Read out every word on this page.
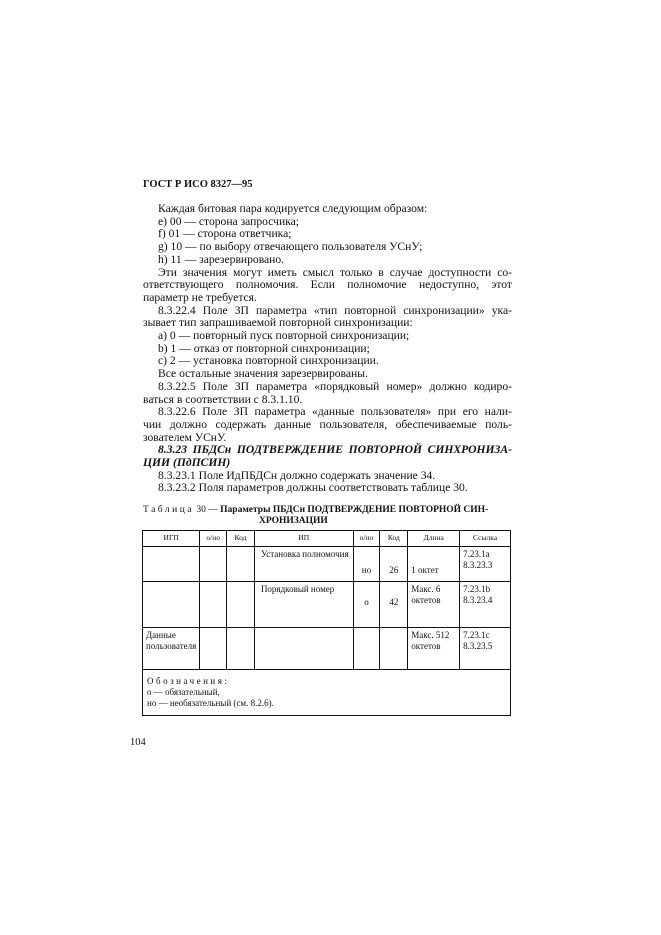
ГОСТ Р ИСО 8327—95
Каждая битовая пара кодируется следующим образом:
e) 00 — сторона запросчика;
f) 01 — сторона ответчика;
g) 10 — по выбору отвечающего пользователя УСнУ;
h) 11 — зарезервировано.
Эти значения могут иметь смысл только в случае доступности со-
ответствующего полномочия. Если полномочие недоступно, этот
параметр не требуется.
8.3.22.4 Поле ЗП параметра «тип повторной синхронизации» ука-
зывает тип запрашиваемой повторной синхронизации:
a) 0 — повторный пуск повторной синхронизации;
b) 1 — отказ от повторной синхронизации;
c) 2 — установка повторной синхронизации.
Все остальные значения зарезервированы.
8.3.22.5 Поле ЗП параметра «порядковый номер» должно кодиро-
ваться в соответствии с 8.3.1.10.
8.3.22.6 Поле ЗП параметра «данные пользователя» при его нали-
чии должно содержать данные пользователя, обеспечиваемые поль-
зователем УСнУ.
8.3.23 ПБДСн ПОДТВЕРЖДЕНИЕ ПОВТОРНОЙ СИНХРОНИЗА-
ЦИИ (ПдПСИН)
8.3.23.1 Поле ИдПБДСн должно содержать значение 34.
8.3.23.2 Поля параметров должны соответствовать таблице 30.
Таблица 30 — Параметры ПБДСн ПОДТВЕРЖДЕНИЕ ПОВТОРНОЙ СИН-
ХРОНИЗАЦИИ
ИГП	о/но	Код	ИП	о/но	Код	Длина	Ссылка
			Установка полномочия	но	26	1 октет	7.23.1a 8.3.23.3
			Порядковый номер	о	42	Макс. 6 октетов	7.23.1b 8.3.23.4
Данные пользователя						Макс. 512 октетов	7.23.1c 8.3.23.5

Обозначения:
о — обязательный,
но — необязательный (см. 8.2.6).							
104
